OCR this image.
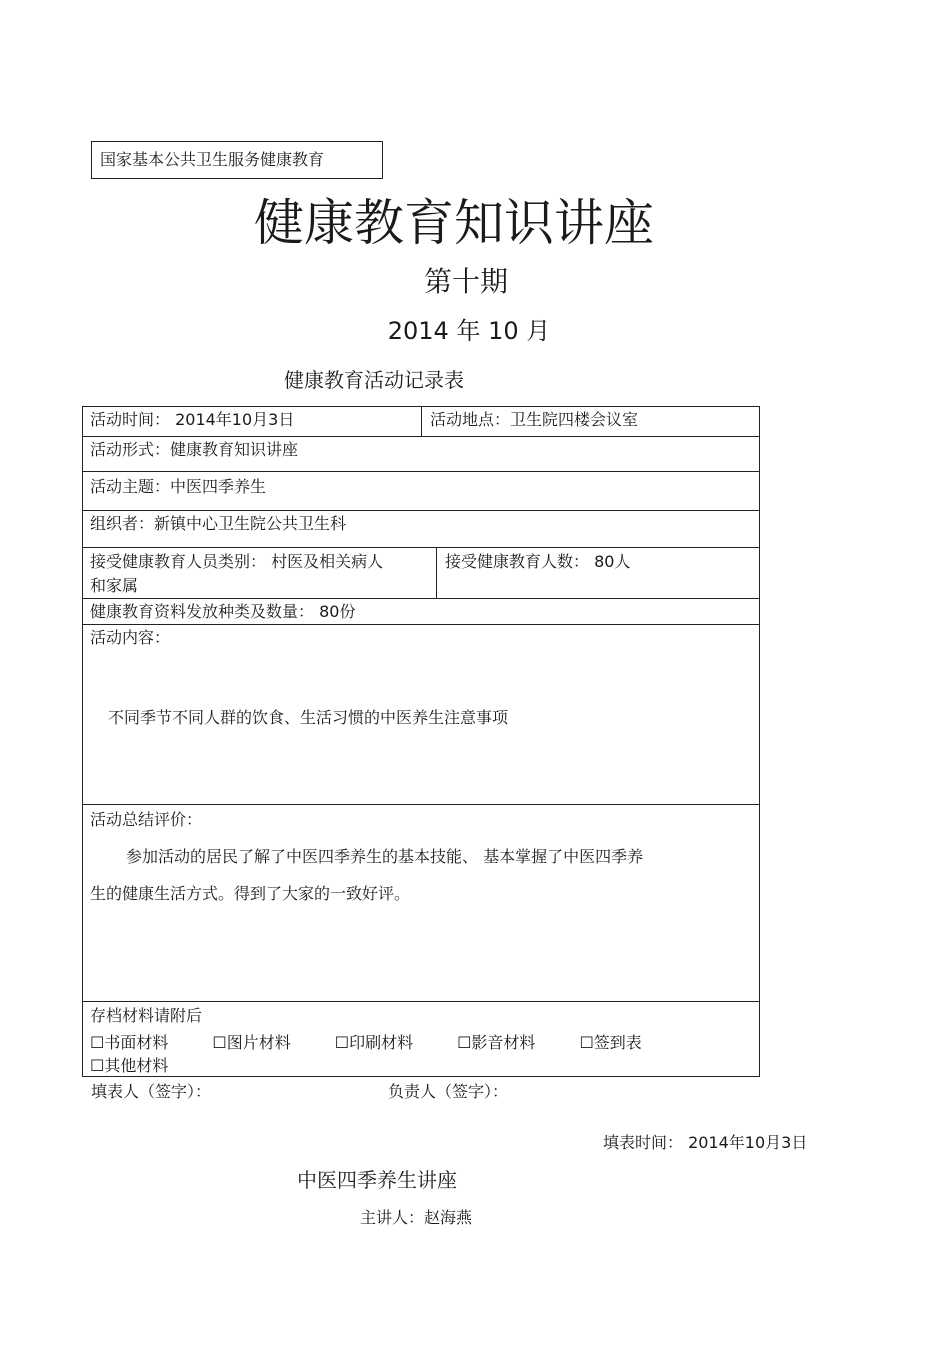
国家基本公共卫生服务健康教育
健康教育知识讲座
第十期
2014 年 10 月
健康教育活动记录表
活动时间： 2014年10月3日	活动地点：卫生院四楼会议室
活动形式：健康教育知识讲座
活动主题：中医四季养生
组织者：新镇中心卫生院公共卫生科
接受健康教育人员类别： 村医及相关病人
和家属
接受健康教育人数： 80人
健康教育资料发放种类及数量： 80份
活动内容：
不同季节不同人群的饮食、生活习惯的中医养生注意事项
活动总结评价：
参加活动的居民了解了中医四季养生的基本技能、 基本掌握了中医四季养
生的健康生活方式。得到了大家的一致好评。
存档材料请附后
☐书面材料	☐图片材料	☐印刷材料	☐影音材料	☐签到表
☐其他材料
填表人（签字）：	负责人（签字）：
填表时间： 2014年10月3日
中医四季养生讲座
主讲人：赵海燕
